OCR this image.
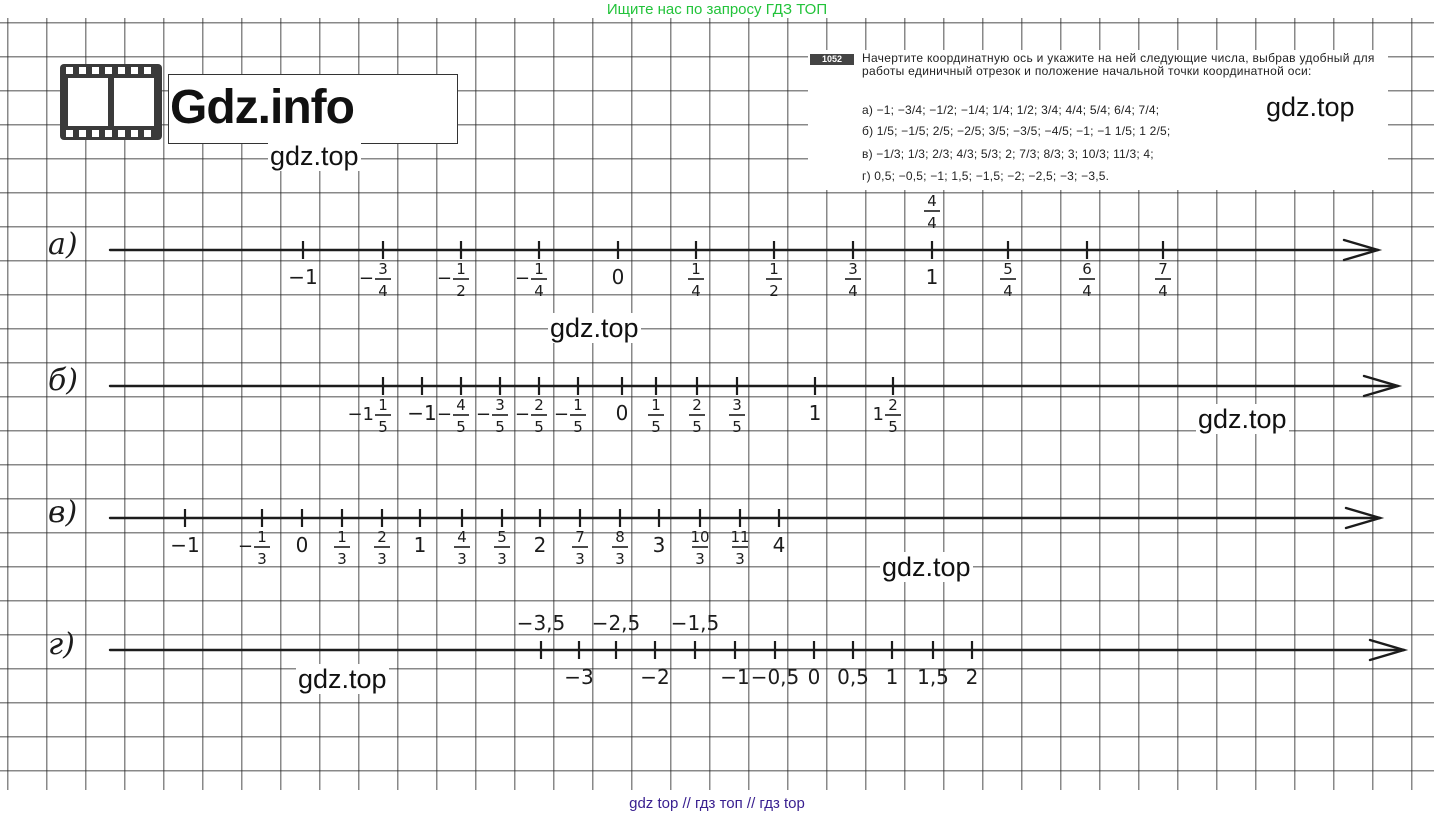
Ищите нас по запросу ГДЗ ТОП
Gdz.info
1052	Начертите координатную ось и укажите на ней следующие числа, выбрав удобный для работы единичный отрезок и положение начальной точки координатной оси:
а) −1; −3/4; −1/2; −1/4; 1/4; 1/2; 3/4; 4/4; 5/4; 6/4; 7/4;
б) 1/5; −1/5; 2/5; −2/5; 3/5; −3/5; −4/5; −1; −1 1/5; 1 2/5;
в) −1/3; 1/3; 2/3; 4/3; 5/3; 2; 7/3; 8/3; 3; 10/3; 11/3; 4;
г) 0,5; −0,5; −1; 1,5; −1,5; −2; −2,5; −3; −3,5.
а)
−1 − 3
4
− 1
2
− 1
4
0	1
4
1
2
3
4
1
4
4
5
4
6
4
7
4
б)
−1 1
5
−1 − 4
5
− 3
5
− 2
5
− 1
5
0 1
5
2
5
3
5
1	1 2
5
в)
−1 − 1
3
0 1
3
2
3
1 4
3
5
3
2 7
3
8
3
3 10
3
11
3
4
г)
−3,5
−3
−2,5
−2
−1,5
−1 −0,5 0 0,5 1 1,5 2
gdz.top
gdz.top
gdz.top
gdz.top
gdz.top
gdz.top
gdz top // гдз топ // гдз top
